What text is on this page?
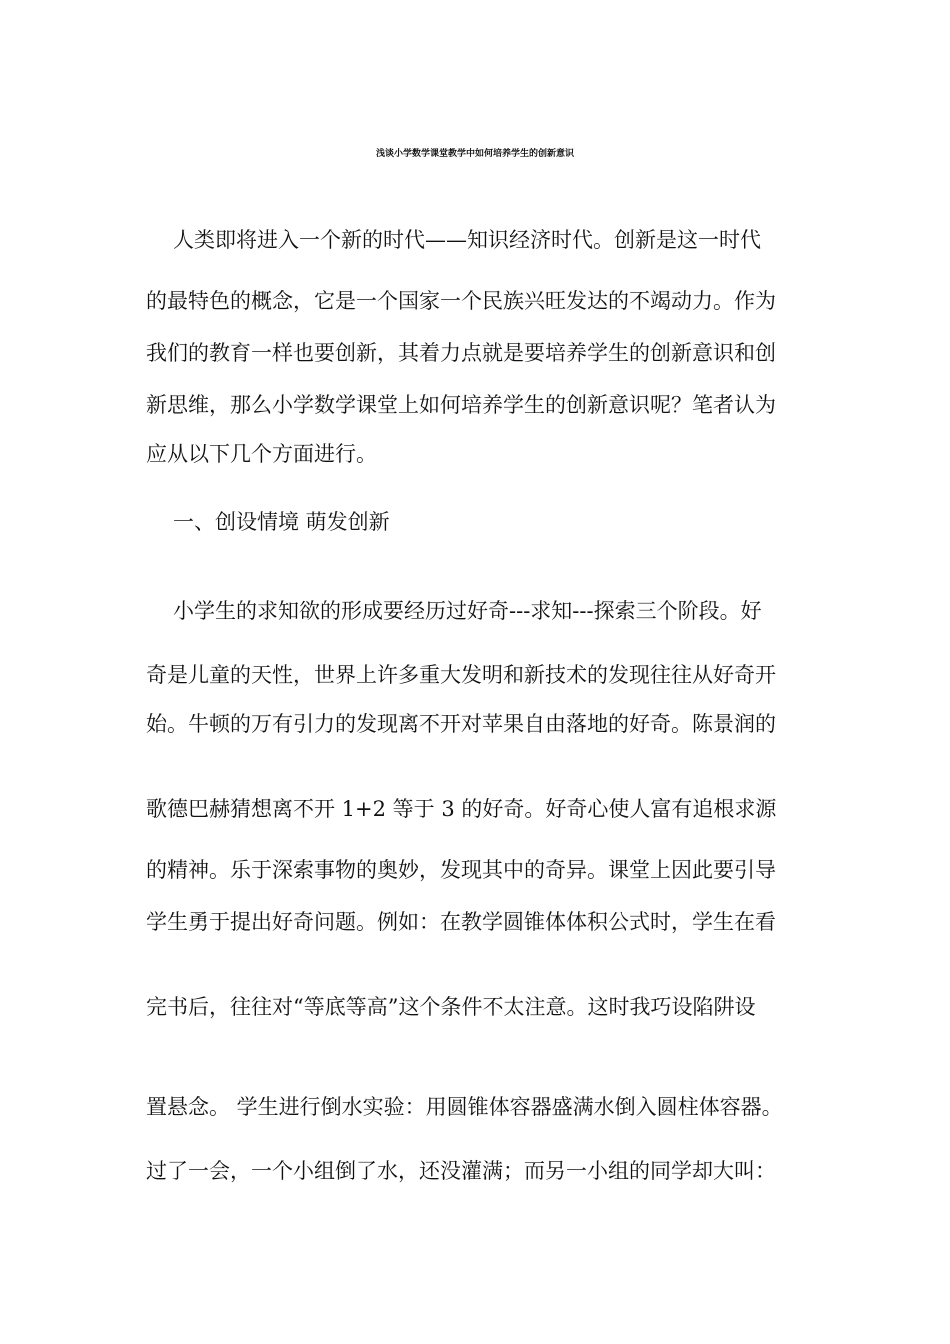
浅谈小学数学课堂教学中如何培养学生的创新意识
人类即将进入一个新的时代——知识经济时代。创新是这一时代
的最特色的概念，它是一个国家一个民族兴旺发达的不竭动力。作为
我们的教育一样也要创新，其着力点就是要培养学生的创新意识和创
新思维，那么小学数学课堂上如何培养学生的创新意识呢？笔者认为
应从以下几个方面进行。
一、创设情境 萌发创新
小学生的求知欲的形成要经历过好奇---求知---探索三个阶段。好
奇是儿童的天性，世界上许多重大发明和新技术的发现往往从好奇开
始。牛顿的万有引力的发现离不开对苹果自由落地的好奇。陈景润的
歌德巴赫猜想离不开 1+2 等于 3 的好奇。好奇心使人富有追根求源
的精神。乐于深索事物的奥妙，发现其中的奇异。课堂上因此要引导
学生勇于提出好奇问题。例如：在教学圆锥体体积公式时，学生在看
完书后，往往对“等底等高”这个条件不太注意。这时我巧设陷阱设
置悬念。 学生进行倒水实验：用圆锥体容器盛满水倒入圆柱体容器。
过了一会，一个小组倒了水，还没灌满；而另一小组的同学却大叫：
